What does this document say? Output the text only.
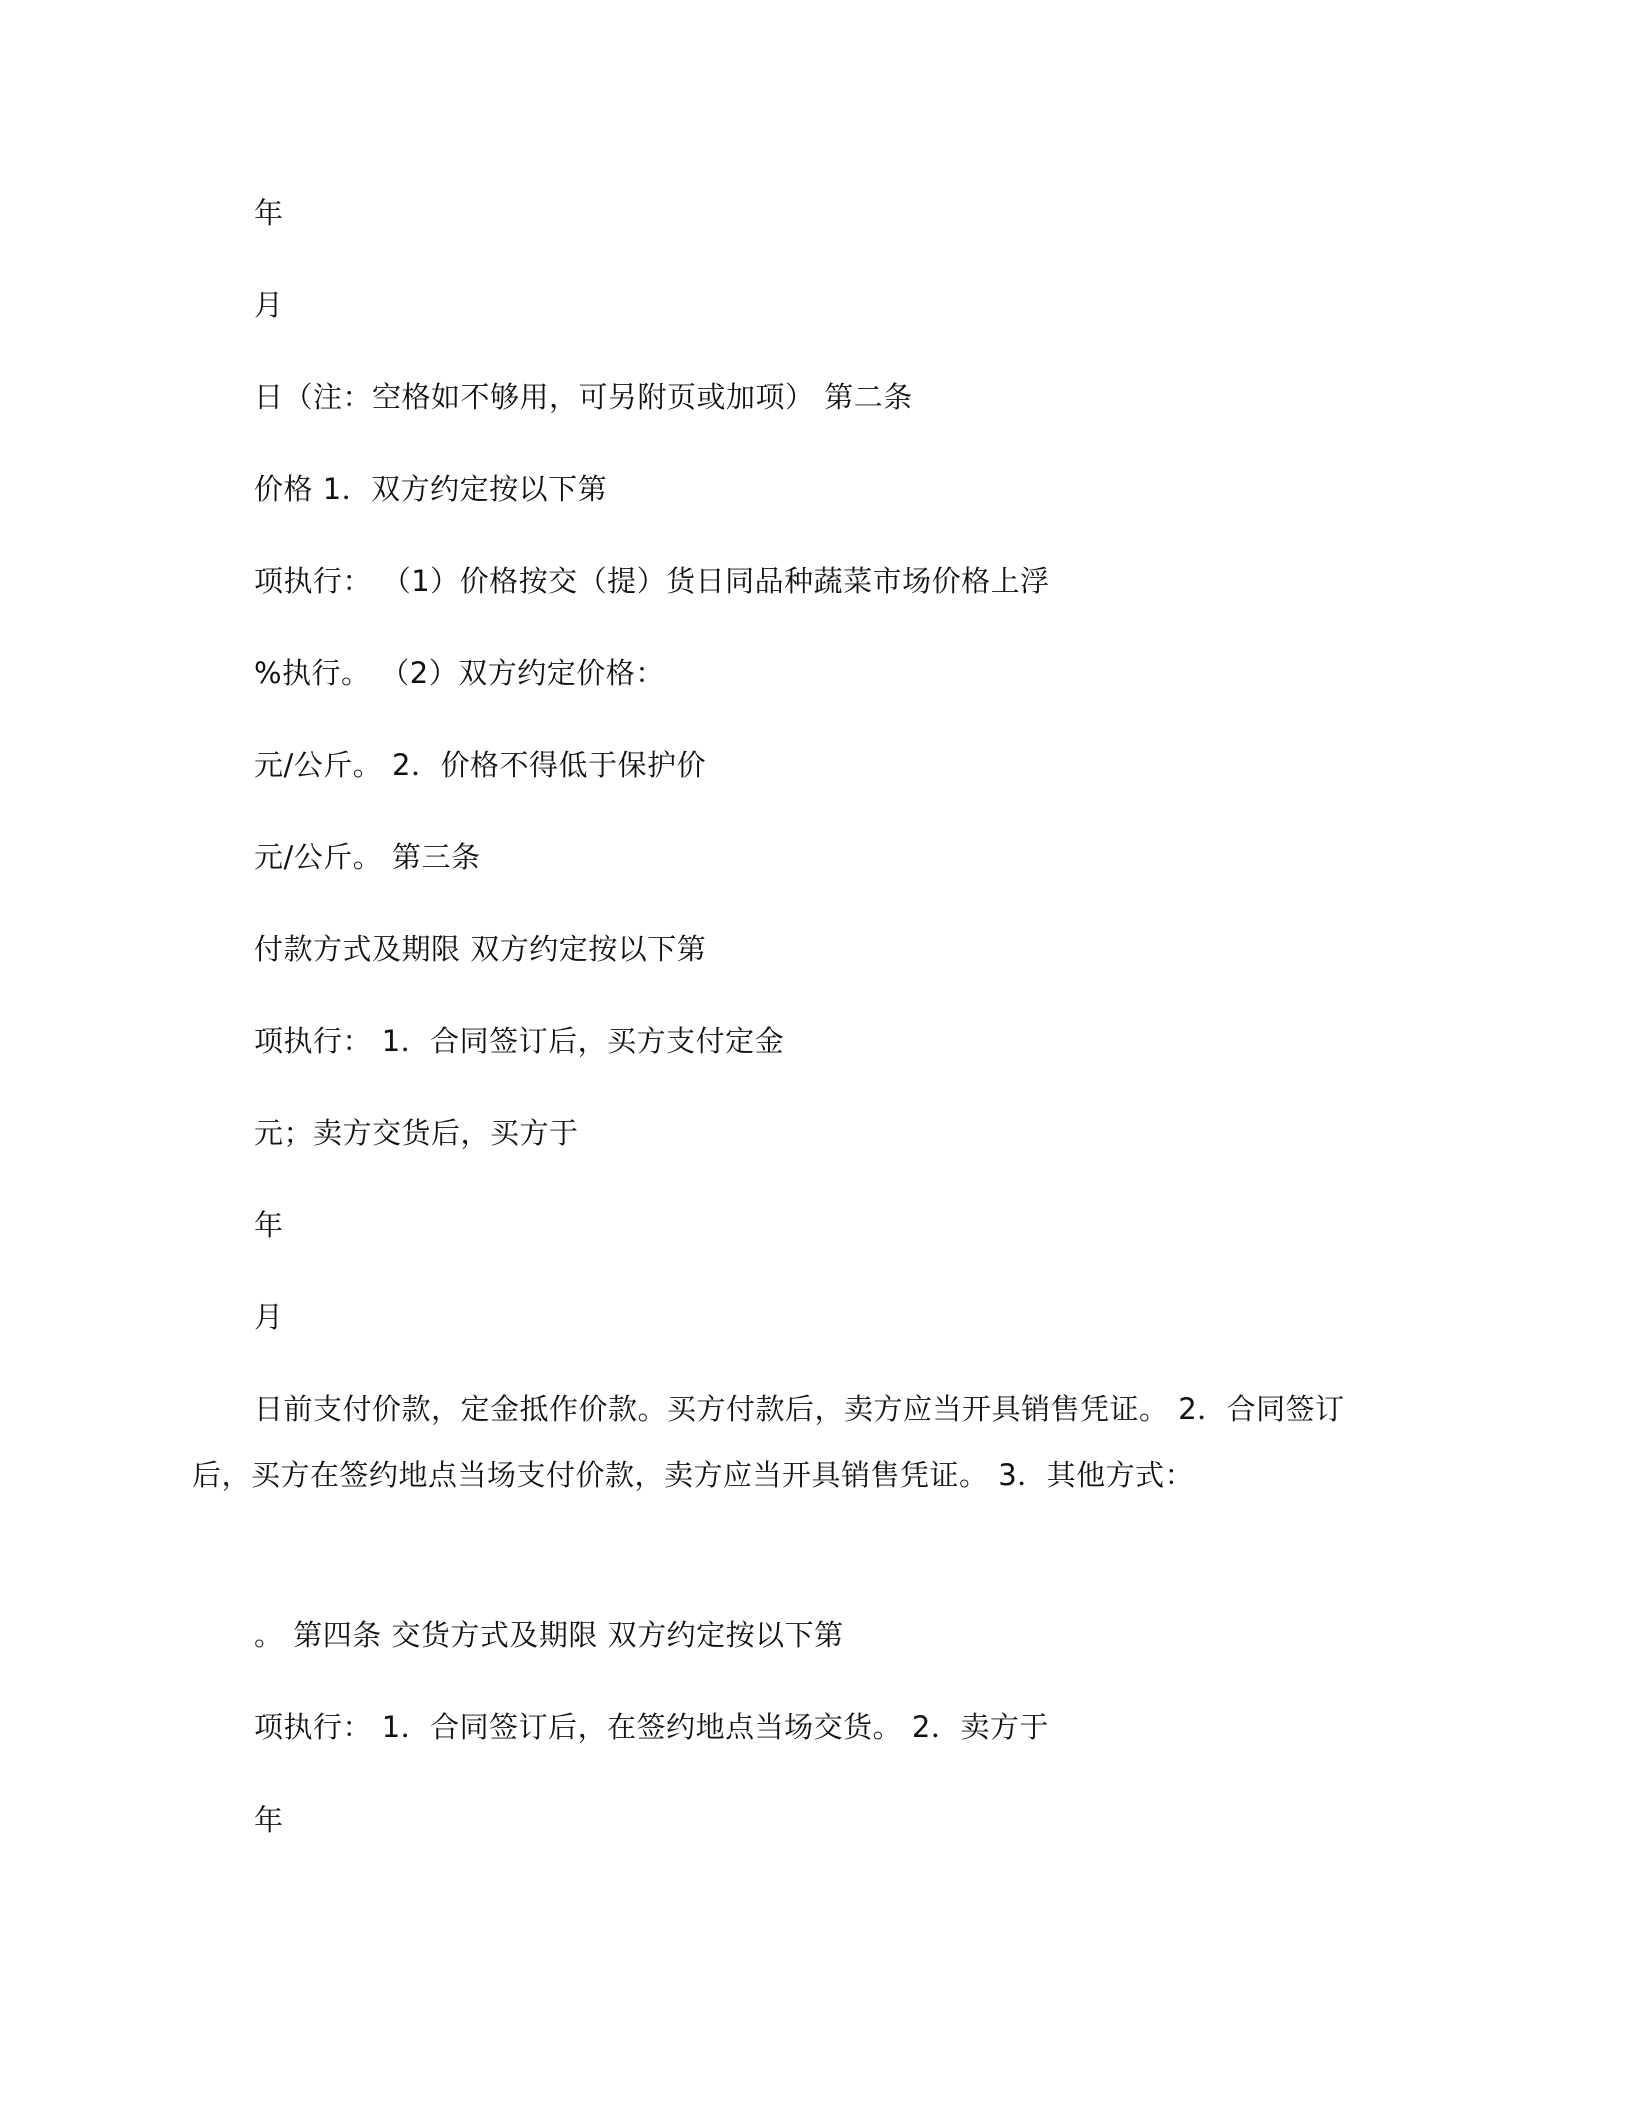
年
月
日（注：空格如不够用，可另附页或加项） 第二条
价格 1．双方约定按以下第
项执行： （1）价格按交（提）货日同品种蔬菜市场价格上浮
%执行。 （2）双方约定价格：
元/公斤。 2．价格不得低于保护价
元/公斤。 第三条
付款方式及期限 双方约定按以下第
项执行： 1．合同签订后，买方支付定金
元；卖方交货后，买方于
年
月
日前支付价款，定金抵作价款。买方付款后，卖方应当开具销售凭证。 2．合同签订
后，买方在签约地点当场支付价款，卖方应当开具销售凭证。 3．其他方式：
。 第四条 交货方式及期限 双方约定按以下第
项执行： 1．合同签订后，在签约地点当场交货。 2．卖方于
年
